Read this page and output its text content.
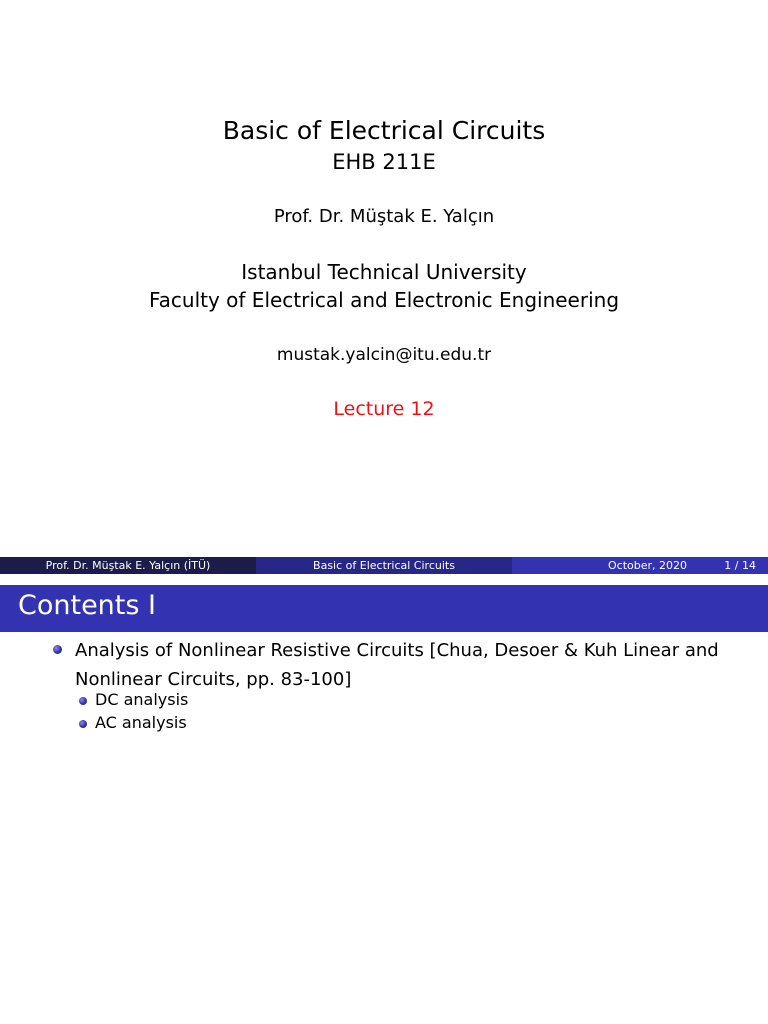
Basic of Electrical Circuits
EHB 211E
Prof. Dr. Müştak E. Yalçın
Istanbul Technical University
Faculty of Electrical and Electronic Engineering
mustak.yalcin@itu.edu.tr
Lecture 12
Prof. Dr. Müştak E. Yalçın (İTÜ)	Basic of Electrical Circuits	October, 2020	1 / 14
Contents I
Analysis of Nonlinear Resistive Circuits [Chua, Desoer & Kuh Linear and Nonlinear Circuits, pp. 83-100]
DC analysis
AC analysis
